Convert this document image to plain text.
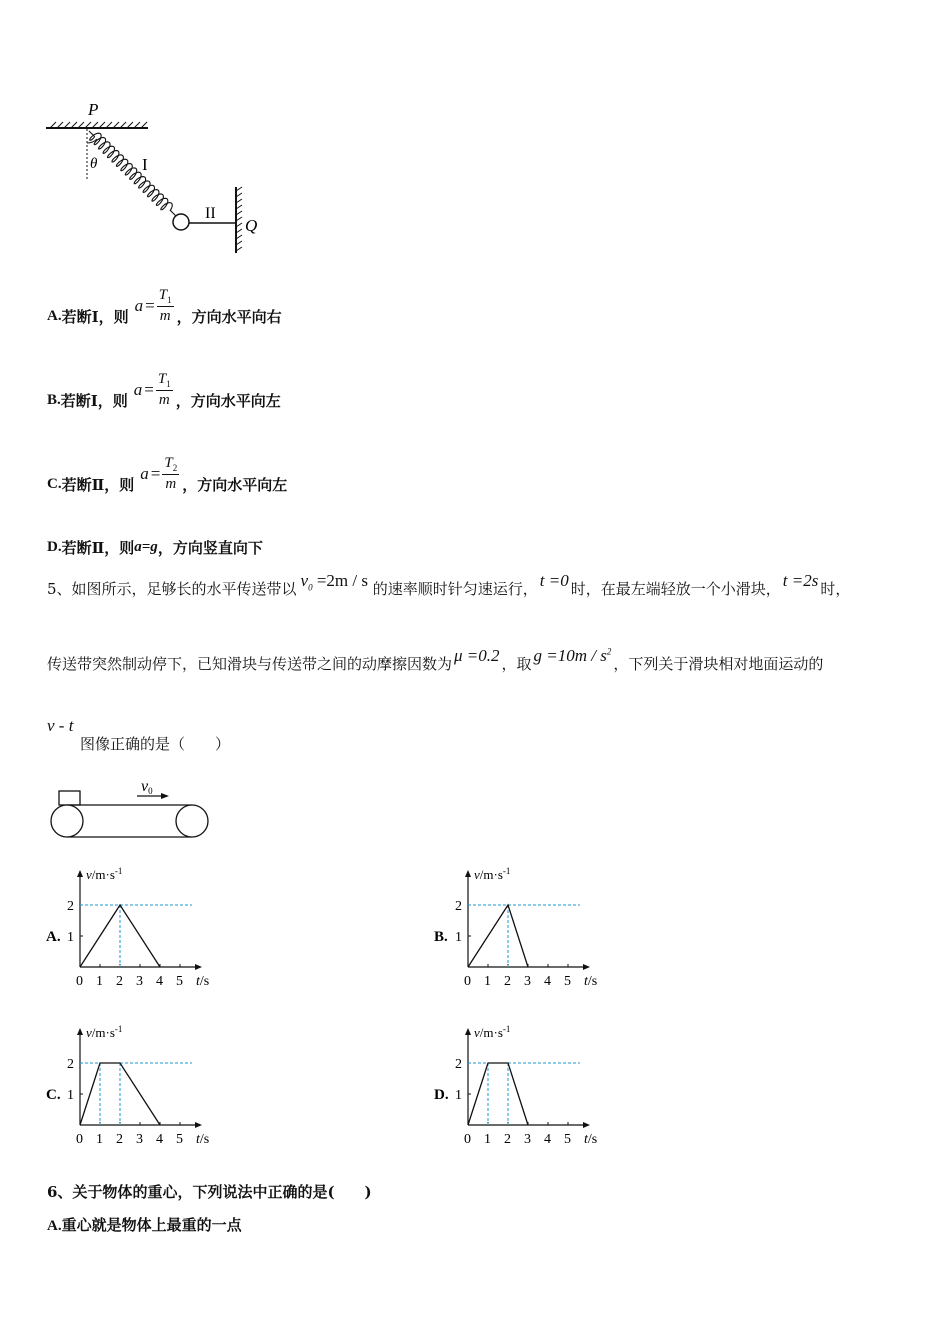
P
θ	I
II
Q
A. 若断Ⅰ，则
$a = \frac{T_1}{m}$ ，方向水平向右
B. 若断Ⅰ，则
$a = \frac{T_1}{m}$ ，方向水平向左
C. 若断Ⅱ，则
$a = \frac{T_2}{m}$ ，方向水平向左
D. 若断Ⅱ，则 a=g ，方向竖直向下
5、如图所示，足够长的水平传送带以 $v_0 =2m / s$ 的速率顺时针匀速运行， t =0 时，在最左端轻放一个小滑块， t =2s 时，
传送带突然制动停下，已知滑块与传送带之间的动摩擦因数为 μ =0.2 ，取 $g =10m / s^2$，下列关于滑块相对地面运动的
v - t
图像正确的是（　　）
v0
A.
$v/m\cdot s^{-1}$
t/s
0 1 2 3 4 5
1
2
B.
$v/m\cdot s^{-1}$
t/s
0 1 2 3 4 5
1
2
C.
$v/m\cdot s^{-1}$
t/s
0 1 2 3 4 5
1
2
D.
$v/m\cdot s^{-1}$
t/s
0 1 2 3 4 5
1
2
6、关于物体的重心，下列说法中正确的是(　　)
A.重心就是物体上最重的一点
